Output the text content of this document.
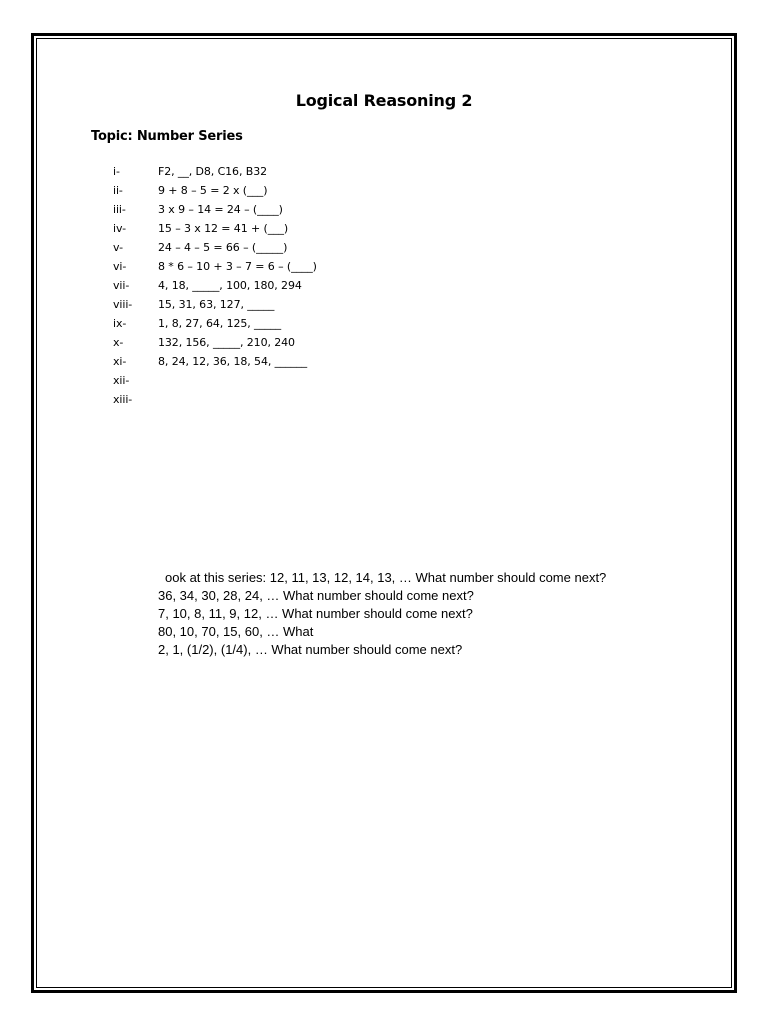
Logical Reasoning 2
Topic: Number Series
i-	F2, __, D8, C16, B32
ii-	9 + 8 – 5 = 2 x (___)
iii-	3 x 9 – 14 = 24 – (____)
iv-	15 – 3 x 12 = 41 + (___)
v-	24 – 4 – 5 = 66 – (_____)
vi-	8 * 6 – 10 + 3 – 7 = 6 – (____)
vii-	4, 18, _____, 100, 180, 294
viii- 15, 31, 63, 127, _____
ix-	1, 8, 27, 64, 125, _____
x-	132, 156, _____, 210, 240
xi-	8, 24, 12, 36, 18, 54, ______
xii-
xiii-
ook at this series: 12, 11, 13, 12, 14, 13, … What number should come next?
36, 34, 30, 28, 24, … What number should come next?
7, 10, 8, 11, 9, 12, … What number should come next?
80, 10, 70, 15, 60, … What
2, 1, (1/2), (1/4), … What number should come next?
